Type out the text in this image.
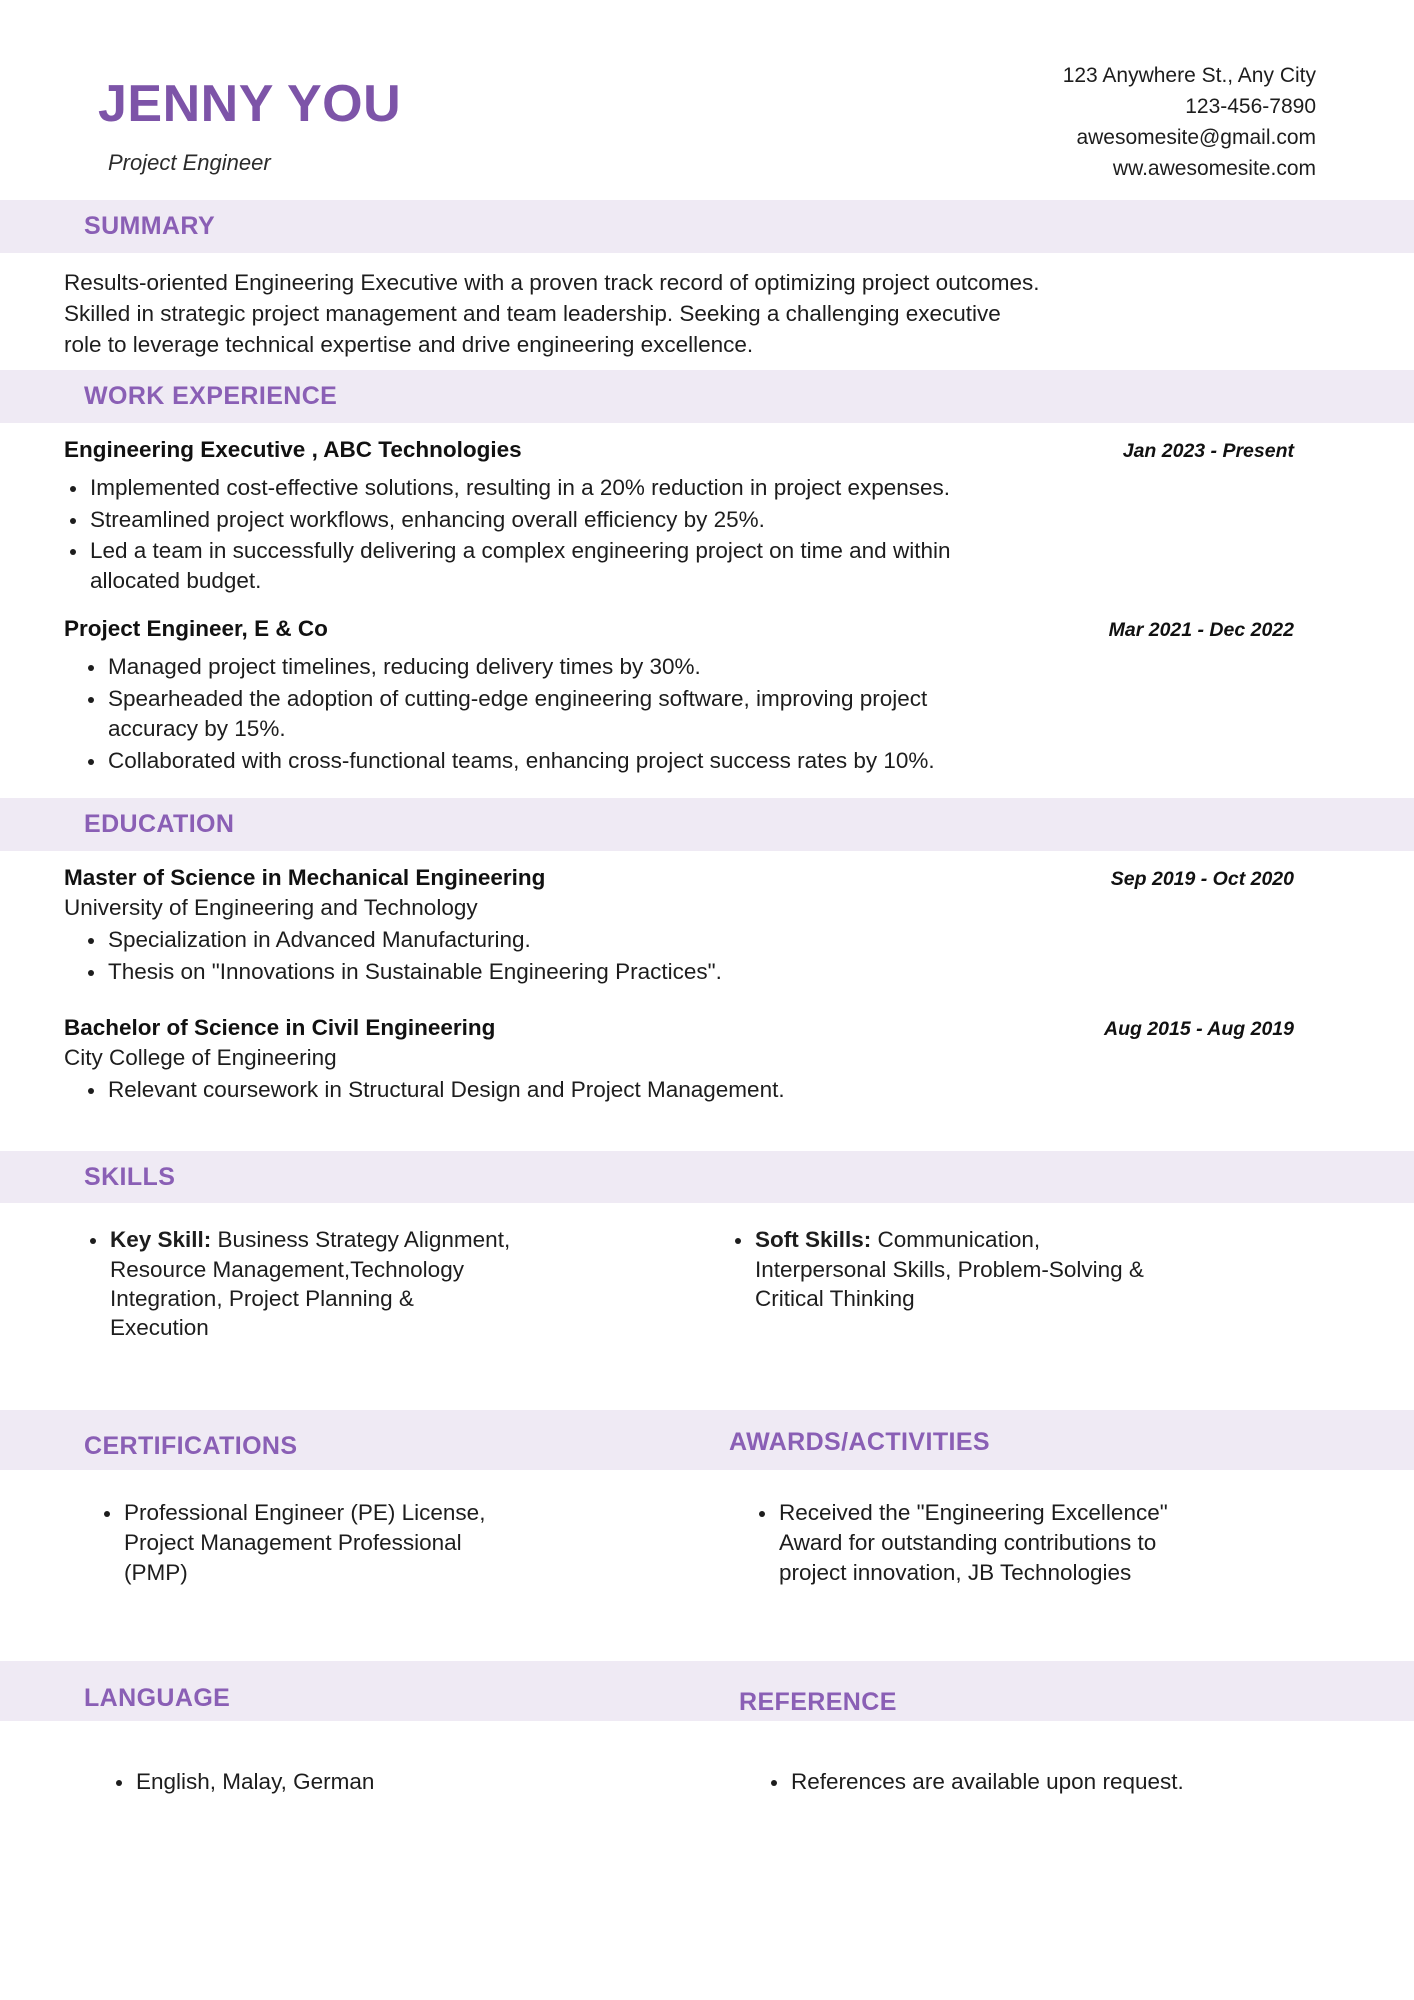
JENNY YOU
Project Engineer
123 Anywhere St., Any City
123-456-7890
awesomesite@gmail.com
ww.awesomesite.com
SUMMARY
Results-oriented Engineering Executive with a proven track record of optimizing project outcomes. Skilled in strategic project management and team leadership. Seeking a challenging executive role to leverage technical expertise and drive engineering excellence.
WORK EXPERIENCE
Engineering Executive , ABC Technologies	Jan 2023 - Present
Implemented cost-effective solutions, resulting in a 20% reduction in project expenses.
Streamlined project workflows, enhancing overall efficiency by 25%.
Led a team in successfully delivering a complex engineering project on time and within allocated budget.
Project Engineer, E & Co	Mar 2021 - Dec 2022
Managed project timelines, reducing delivery times by 30%.
Spearheaded the adoption of cutting-edge engineering software, improving project accuracy by 15%.
Collaborated with cross-functional teams, enhancing project success rates by 10%.
EDUCATION
Master of Science in Mechanical Engineering	Sep 2019 - Oct 2020
University of Engineering and Technology
Specialization in Advanced Manufacturing.
Thesis on "Innovations in Sustainable Engineering Practices".
Bachelor of Science in Civil Engineering	Aug 2015 - Aug 2019
City College of Engineering
Relevant coursework in Structural Design and Project Management.
SKILLS
Key Skill: Business Strategy Alignment, Resource Management,Technology Integration, Project Planning & Execution
Soft Skills: Communication, Interpersonal Skills, Problem-Solving & Critical Thinking
CERTIFICATIONS	AWARDS/ACTIVITIES
Professional Engineer (PE) License, Project Management Professional (PMP)
Received the "Engineering Excellence" Award for outstanding contributions to project innovation, JB Technologies
LANGUAGE	REFERENCE
English, Malay, German	References are available upon request.
